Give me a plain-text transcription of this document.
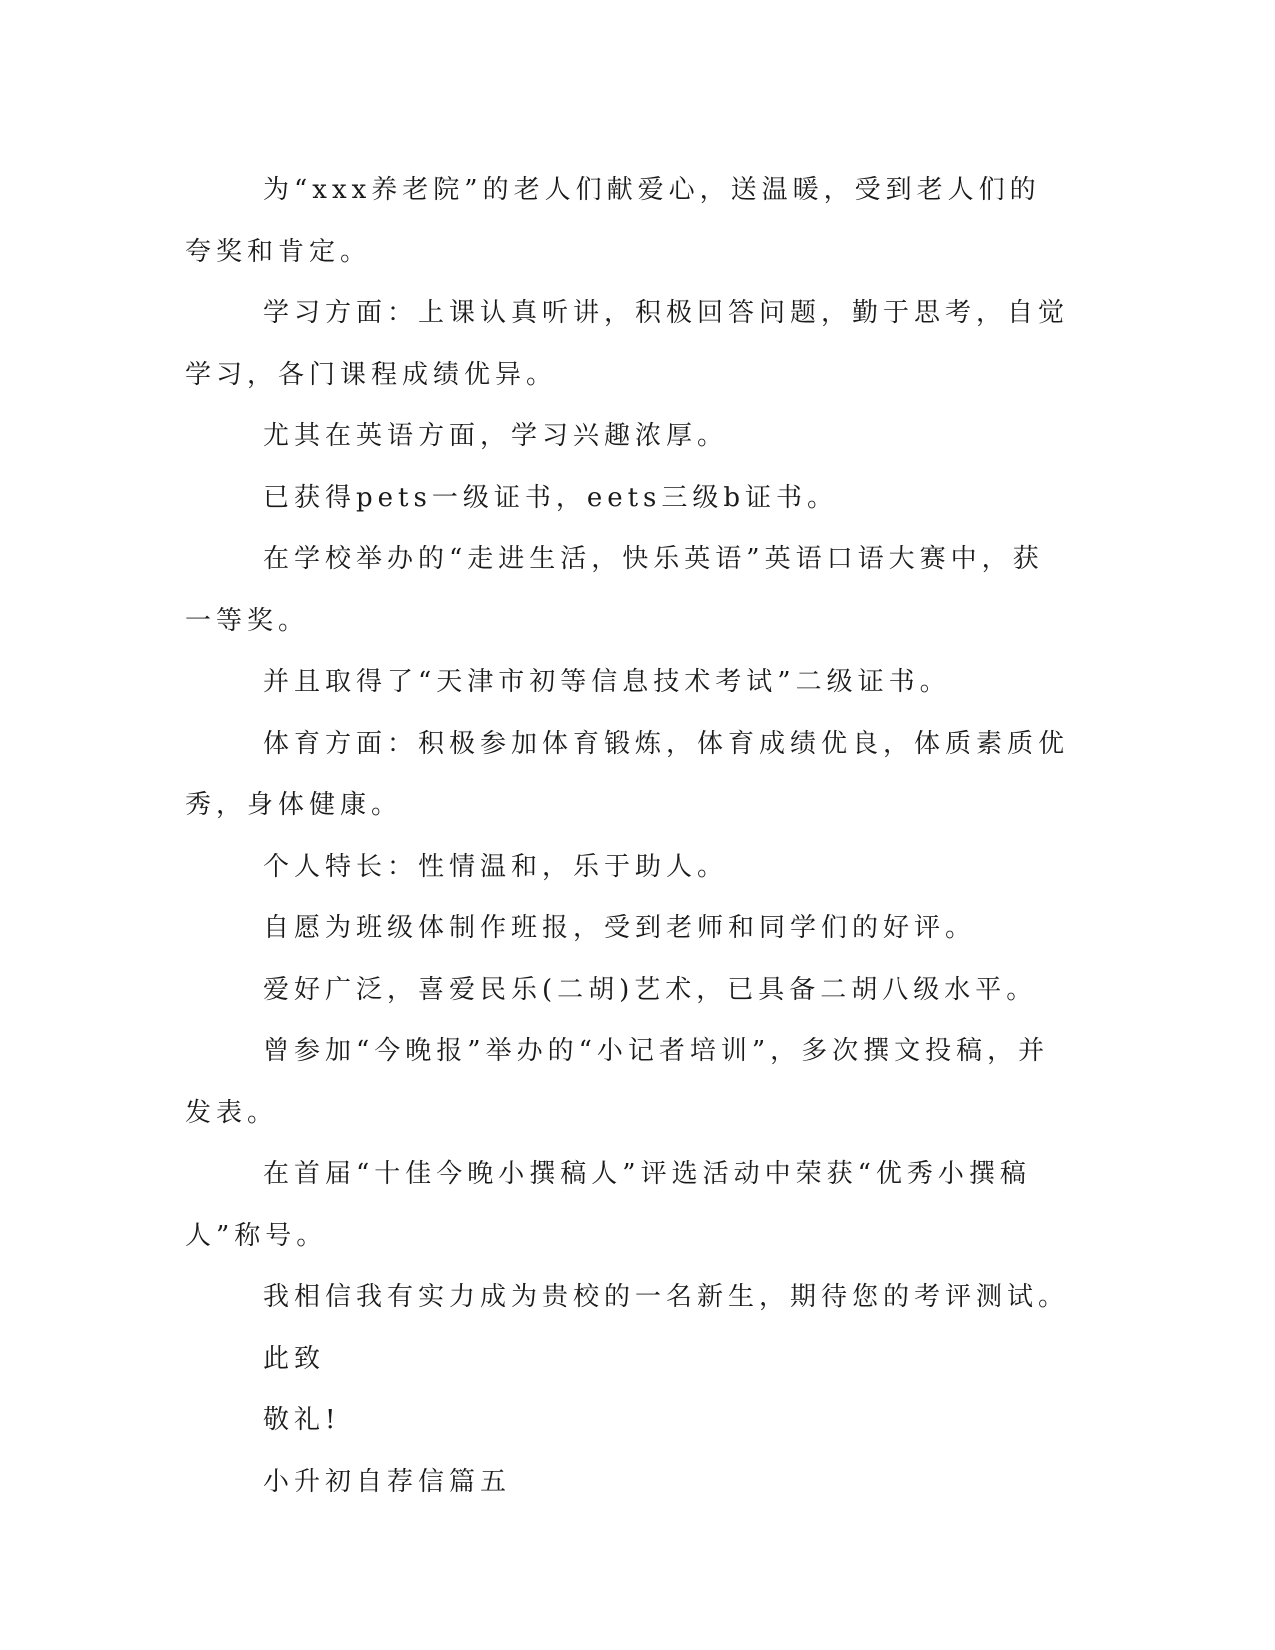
为“xxx养老院”的老人们献爱心，送温暖，受到老人们的夸奖和肯定。

学习方面：上课认真听讲，积极回答问题，勤于思考，自觉学习，各门课程成绩优异。

尤其在英语方面，学习兴趣浓厚。

已获得pets一级证书，eets三级b证书。

在学校举办的“走进生活，快乐英语”英语口语大赛中，获一等奖。

并且取得了“天津市初等信息技术考试”二级证书。

体育方面：积极参加体育锻炼，体育成绩优良，体质素质优秀，身体健康。

个人特长：性情温和，乐于助人。

自愿为班级体制作班报，受到老师和同学们的好评。

爱好广泛，喜爱民乐(二胡)艺术，已具备二胡八级水平。

曾参加“今晚报”举办的“小记者培训”，多次撰文投稿，并发表。

在首届“十佳今晚小撰稿人”评选活动中荣获“优秀小撰稿人”称号。

我相信我有实力成为贵校的一名新生，期待您的考评测试。

此致

敬礼!

小升初自荐信篇五
